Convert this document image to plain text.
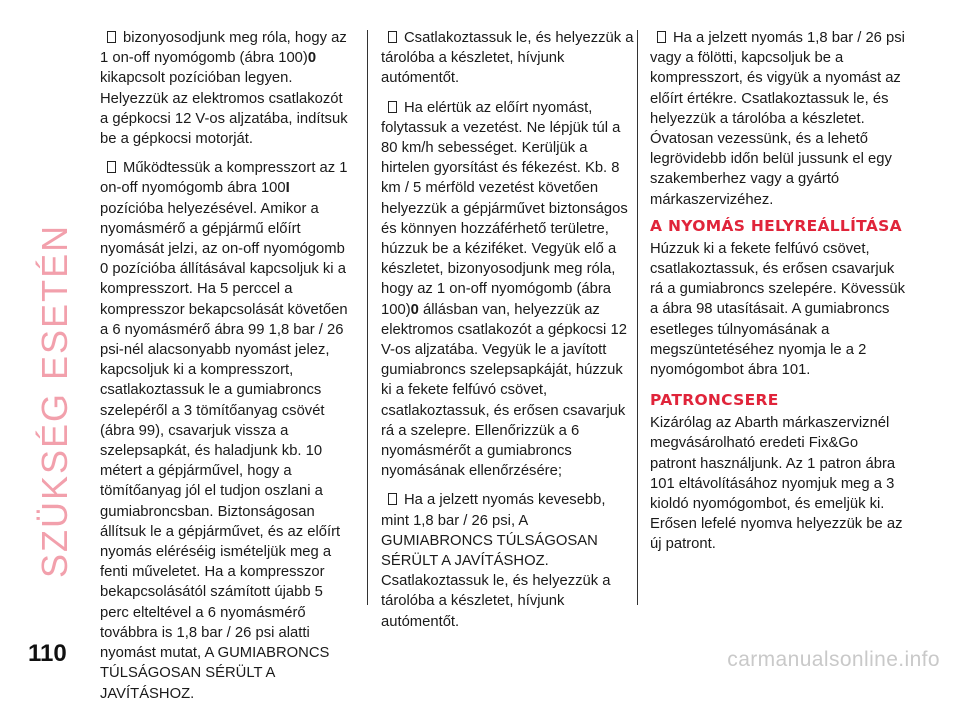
SZÜKSÉG ESETÉN

bizonyosodjunk meg róla, hogy az 1 on-off nyomógomb (ábra 100)0 kikapcsolt pozícióban legyen. Helyezzük az elektromos csatlakozót a gépkocsi 12 V-os aljzatába, indítsuk be a gépkocsi motorját.

Működtessük a kompresszort az 1 on-off nyomógomb ábra 100I pozícióba helyezésével. Amikor a nyomásmérő a gépjármű előírt nyomását jelzi, az on-off nyomógomb 0 pozícióba állításával kapcsoljuk ki a kompresszort. Ha 5 perccel a kompresszor bekapcsolását követően a 6 nyomásmérő ábra 99 1,8 bar / 26 psi-nél alacsonyabb nyomást jelez, kapcsoljuk ki a kompresszort, csatlakoztassuk le a gumiabroncs szelepéről a 3 tömítőanyag csövét (ábra 99), csavarjuk vissza a szelepsapkát, és haladjunk kb. 10 métert a gépjárművel, hogy a tömítőanyag jól el tudjon oszlani a gumiabroncsban. Biztonságosan állítsuk le a gépjárművet, és az előírt nyomás eléréséig ismételjük meg a fenti műveletet. Ha a kompresszor bekapcsolásától számított újabb 5 perc elteltével a 6 nyomásmérő továbbra is 1,8 bar / 26 psi alatti nyomást mutat, A GUMIABRONCS TÚLSÁGOSAN SÉRÜLT A JAVÍTÁSHOZ.

Csatlakoztassuk le, és helyezzük a tárolóba a készletet, hívjunk autómentőt.

Ha elértük az előírt nyomást, folytassuk a vezetést. Ne lépjük túl a 80 km/h sebességet. Kerüljük a hirtelen gyorsítást és fékezést. Kb. 8 km / 5 mérföld vezetést követően helyezzük a gépjárművet biztonságos és könnyen hozzáférhető területre, húzzuk be a kéziféket. Vegyük elő a készletet, bizonyosodjunk meg róla, hogy az 1 on-off nyomógomb (ábra 100)0 állásban van, helyezzük az elektromos csatlakozót a gépkocsi 12 V-os aljzatába. Vegyük le a javított gumiabroncs szelepsapkáját, húzzuk ki a fekete felfúvó csövet, csatlakoztassuk, és erősen csavarjuk rá a szelepre. Ellenőrizzük a 6 nyomásmérőt a gumiabroncs nyomásának ellenőrzésére;

Ha a jelzett nyomás kevesebb, mint 1,8 bar / 26 psi, A GUMIABRONCS TÚLSÁGOSAN SÉRÜLT A JAVÍTÁSHOZ. Csatlakoztassuk le, és helyezzük a tárolóba a készletet, hívjunk autómentőt.

Ha a jelzett nyomás 1,8 bar / 26 psi vagy a fölötti, kapcsoljuk be a kompresszort, és vigyük a nyomást az előírt értékre. Csatlakoztassuk le, és helyezzük a tárolóba a készletet. Óvatosan vezessünk, és a lehető legrövidebb időn belül jussunk el egy szakemberhez vagy a gyártó márkaszervizéhez.

A NYOMÁS HELYREÁLLÍTÁSA

Húzzuk ki a fekete felfúvó csövet, csatlakoztassuk, és erősen csavarjuk rá a gumiabroncs szelepére. Kövessük a ábra 98 utasításait. A gumiabroncs esetleges túlnyomásának a megszüntetéséhez nyomja le a 2 nyomógombot ábra 101.

PATRONCSERE

Kizárólag az Abarth márkaszerviznél megvásárolható eredeti Fix&Go patront használjunk. Az 1 patron ábra 101 eltávolításához nyomjuk meg a 3 kioldó nyomógombot, és emeljük ki. Erősen lefelé nyomva helyezzük be az új patront.

110	carmanualsonline.info
